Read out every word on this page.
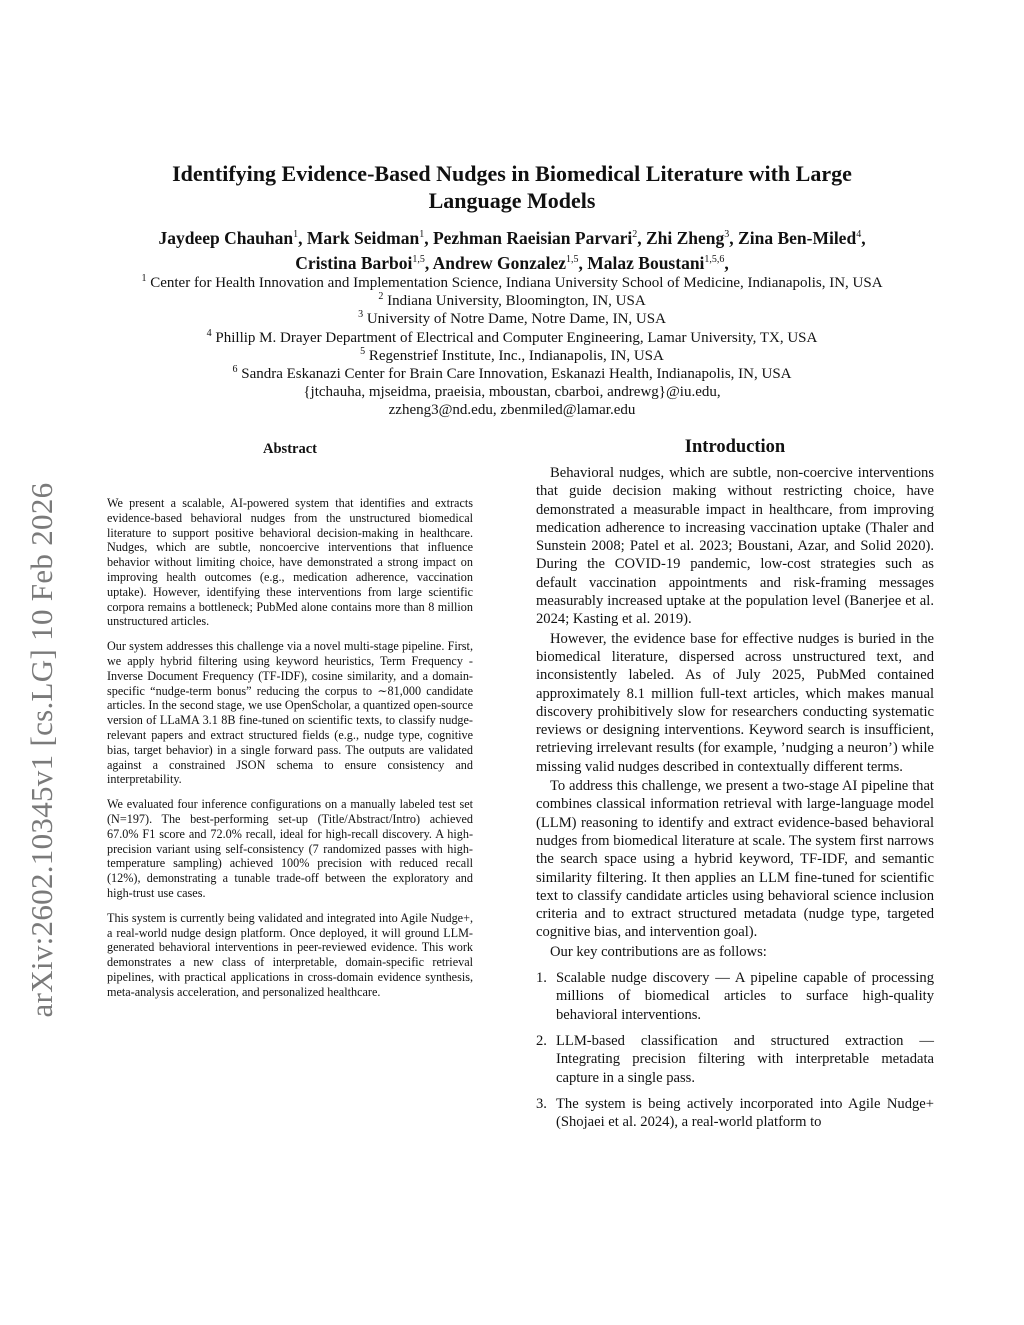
arXiv:2602.10345v1 [cs.LG] 10 Feb 2026
Identifying Evidence-Based Nudges in Biomedical Literature with Large
Language Models
Jaydeep Chauhan$^1$, Mark Seidman$^1$, Pezhman Raeisian Parvari$^2$, Zhi Zheng$^3$, Zina Ben-Miled$^4$,
Cristina Barboi$^{1,5}$, Andrew Gonzalez$^{1,5}$, Malaz Boustani$^{1,5,6}$,
$^1$ Center for Health Innovation and Implementation Science, Indiana University School of Medicine, Indianapolis, IN, USA
$^2$ Indiana University, Bloomington, IN, USA
$^3$ University of Notre Dame, Notre Dame, IN, USA
$^4$ Phillip M. Drayer Department of Electrical and Computer Engineering, Lamar University, TX, USA
$^5$ Regenstrief Institute, Inc., Indianapolis, IN, USA
$^6$ Sandra Eskanazi Center for Brain Care Innovation, Eskanazi Health, Indianapolis, IN, USA
{jtchauha, mjseidma, praeisia, mboustan, cbarboi, andrewg}@iu.edu,
zzheng3@nd.edu, zbenmiled@lamar.edu
Abstract

We present a scalable, AI-powered system that identifies and extracts evidence-based behavioral nudges from the unstructured biomedical literature to support positive behavioral decision-making in healthcare. Nudges, which are subtle, noncoercive interventions that influence behavior without limiting choice, have demonstrated a strong impact on improving health outcomes (e.g., medication adherence, vaccination uptake). However, identifying these interventions from large scientific corpora remains a bottleneck; PubMed alone contains more than 8 million unstructured articles.

Our system addresses this challenge via a novel multi-stage pipeline. First, we apply hybrid filtering using keyword heuristics, Term Frequency - Inverse Document Frequency (TF-IDF), cosine similarity, and a domain-specific “nudge-term bonus” reducing the corpus to ∼81,000 candidate articles. In the second stage, we use OpenScholar, a quantized open-source version of LLaMA 3.1 8B fine-tuned on scientific texts, to classify nudge-relevant papers and extract structured fields (e.g., nudge type, cognitive bias, target behavior) in a single forward pass. The outputs are validated against a constrained JSON schema to ensure consistency and interpretability.

We evaluated four inference configurations on a manually labeled test set (N=197). The best-performing set-up (Title/Abstract/Intro) achieved 67.0% F1 score and 72.0% recall, ideal for high-recall discovery. A high-precision variant using self-consistency (7 randomized passes with high-temperature sampling) achieved 100% precision with reduced recall (12%), demonstrating a tunable trade-off between the exploratory and high-trust use cases.

This system is currently being validated and integrated into Agile Nudge+, a real-world nudge design platform. Once deployed, it will ground LLM-generated behavioral interventions in peer-reviewed evidence. This work demonstrates a new class of interpretable, domain-specific retrieval pipelines, with practical applications in cross-domain evidence synthesis, meta-analysis acceleration, and personalized healthcare.

Introduction

Behavioral nudges, which are subtle, non-coercive interventions that guide decision making without restricting choice, have demonstrated a measurable impact in healthcare, from improving medication adherence to increasing vaccination uptake (Thaler and Sunstein 2008; Patel et al. 2023; Boustani, Azar, and Solid 2020). During the COVID-19 pandemic, low-cost strategies such as default vaccination appointments and risk-framing messages measurably increased uptake at the population level (Banerjee et al. 2024; Kasting et al. 2019).

However, the evidence base for effective nudges is buried in the biomedical literature, dispersed across unstructured text, and inconsistently labeled. As of July 2025, PubMed contained approximately 8.1 million full-text articles, which makes manual discovery prohibitively slow for researchers conducting systematic reviews or designing interventions. Keyword search is insufficient, retrieving irrelevant results (for example, ’nudging a neuron’) while missing valid nudges described in contextually different terms.

To address this challenge, we present a two-stage AI pipeline that combines classical information retrieval with large-language model (LLM) reasoning to identify and extract evidence-based behavioral nudges from biomedical literature at scale. The system first narrows the search space using a hybrid keyword, TF-IDF, and semantic similarity filtering. It then applies an LLM fine-tuned for scientific text to classify candidate articles using behavioral science inclusion criteria and to extract structured metadata (nudge type, targeted cognitive bias, and intervention goal).

Our key contributions are as follows:

1. Scalable nudge discovery — A pipeline capable of processing millions of biomedical articles to surface high-quality behavioral interventions.
2. LLM-based classification and structured extraction — Integrating precision filtering with interpretable metadata capture in a single pass.
3. The system is being actively incorporated into Agile Nudge+ (Shojaei et al. 2024), a real-world platform to
